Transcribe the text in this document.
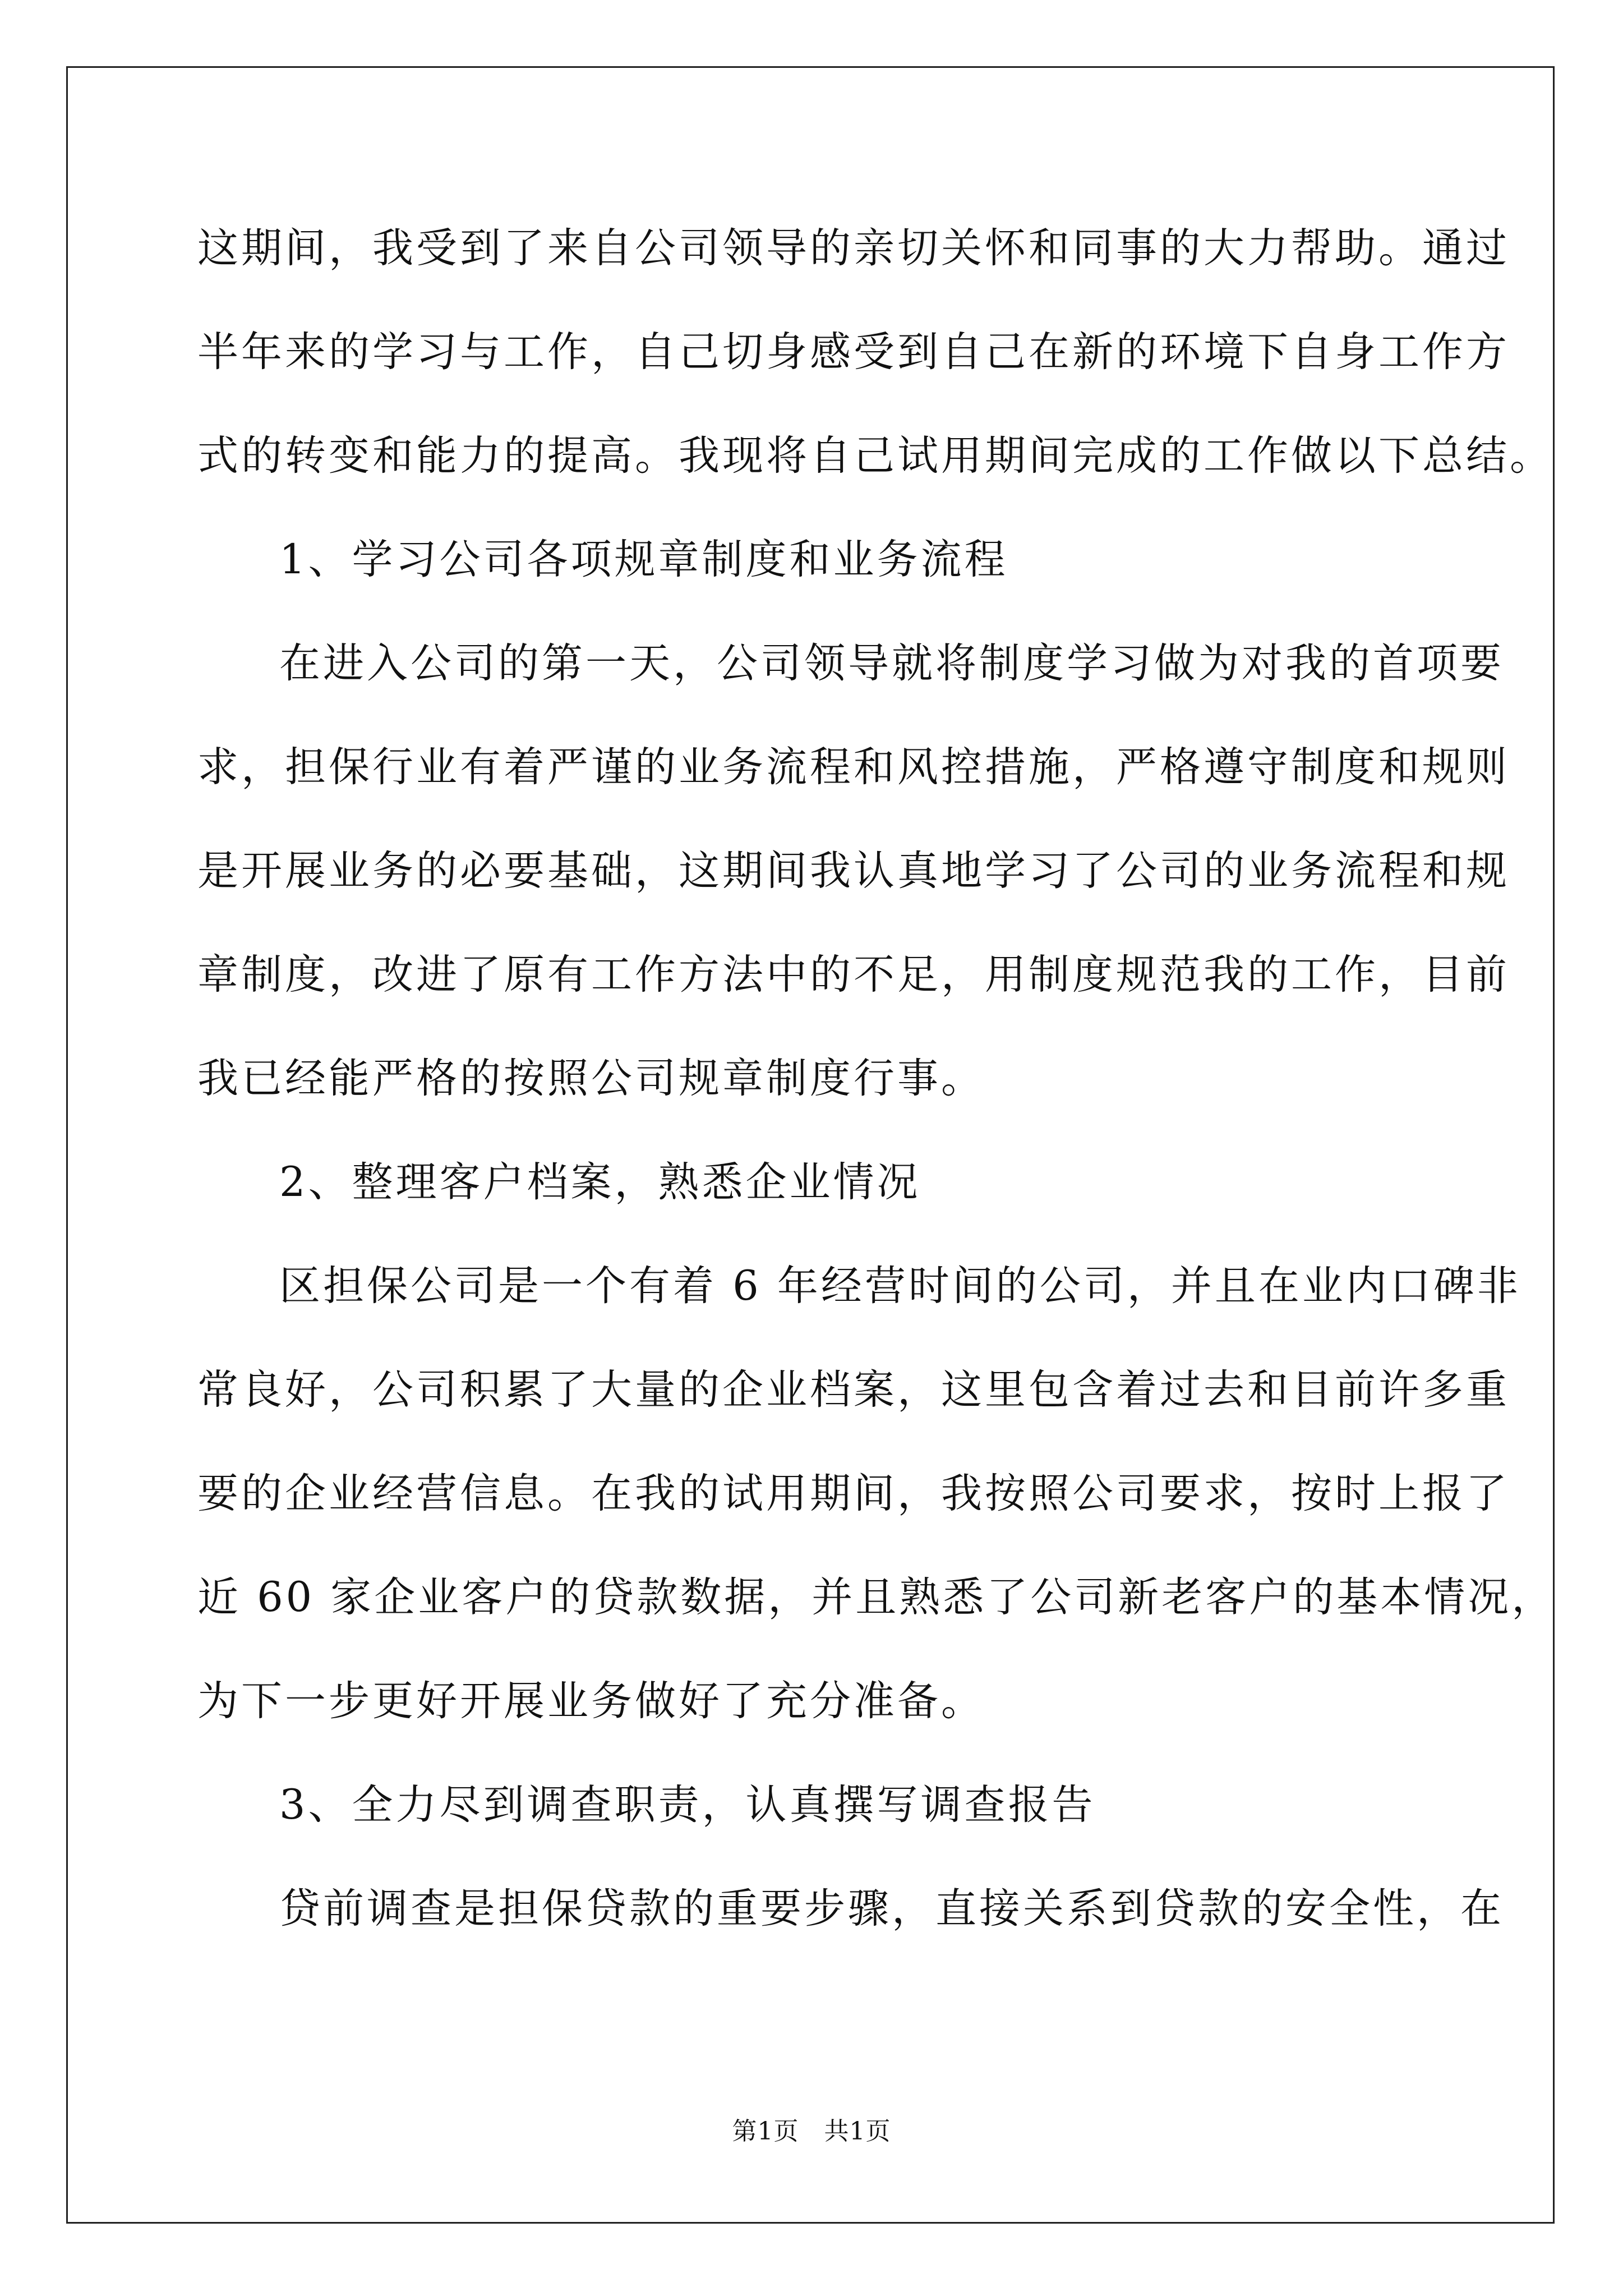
这期间，我受到了来自公司领导的亲切关怀和同事的大力帮助。通过
半年来的学习与工作，自己切身感受到自己在新的环境下自身工作方
式的转变和能力的提高。我现将自己试用期间完成的工作做以下总结。
1、学习公司各项规章制度和业务流程
在进入公司的第一天，公司领导就将制度学习做为对我的首项要
求，担保行业有着严谨的业务流程和风控措施，严格遵守制度和规则
是开展业务的必要基础，这期间我认真地学习了公司的业务流程和规
章制度，改进了原有工作方法中的不足，用制度规范我的工作，目前
我已经能严格的按照公司规章制度行事。
2、整理客户档案，熟悉企业情况
区担保公司是一个有着 6 年经营时间的公司，并且在业内口碑非
常良好，公司积累了大量的企业档案，这里包含着过去和目前许多重
要的企业经营信息。在我的试用期间，我按照公司要求，按时上报了
近 60 家企业客户的贷款数据，并且熟悉了公司新老客户的基本情况，
为下一步更好开展业务做好了充分准备。
3、全力尽到调查职责，认真撰写调查报告
贷前调查是担保贷款的重要步骤，直接关系到贷款的安全性，在
第1页   共1页
